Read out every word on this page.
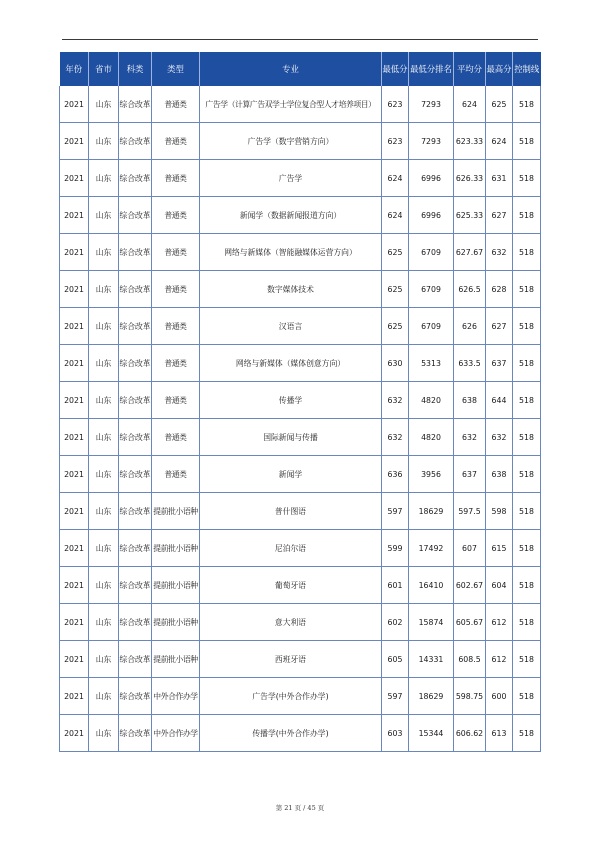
年份	省市	科类	类型	专业	最低分	最低分排名	平均分	最高分	控制线
2021	山东	综合改革	普通类	广告学（计算广告双学士学位复合型人才培养项目）	623	7293	624	625	518
2021	山东	综合改革	普通类	广告学（数字营销方向）	623	7293	623.33	624	518
2021	山东	综合改革	普通类	广告学	624	6996	626.33	631	518
2021	山东	综合改革	普通类	新闻学（数据新闻报道方向）	624	6996	625.33	627	518
2021	山东	综合改革	普通类	网络与新媒体（智能融媒体运营方向）	625	6709	627.67	632	518
2021	山东	综合改革	普通类	数字媒体技术	625	6709	626.5	628	518
2021	山东	综合改革	普通类	汉语言	625	6709	626	627	518
2021	山东	综合改革	普通类	网络与新媒体（媒体创意方向）	630	5313	633.5	637	518
2021	山东	综合改革	普通类	传播学	632	4820	638	644	518
2021	山东	综合改革	普通类	国际新闻与传播	632	4820	632	632	518
2021	山东	综合改革	普通类	新闻学	636	3956	637	638	518
2021	山东	综合改革	提前批小语种	普什图语	597	18629	597.5	598	518
2021	山东	综合改革	提前批小语种	尼泊尔语	599	17492	607	615	518
2021	山东	综合改革	提前批小语种	葡萄牙语	601	16410	602.67	604	518
2021	山东	综合改革	提前批小语种	意大利语	602	15874	605.67	612	518
2021	山东	综合改革	提前批小语种	西班牙语	605	14331	608.5	612	518
2021	山东	综合改革	中外合作办学	广告学(中外合作办学)	597	18629	598.75	600	518
2021	山东	综合改革	中外合作办学	传播学(中外合作办学)	603	15344	606.62	613	518
第 21 页 / 45 页
